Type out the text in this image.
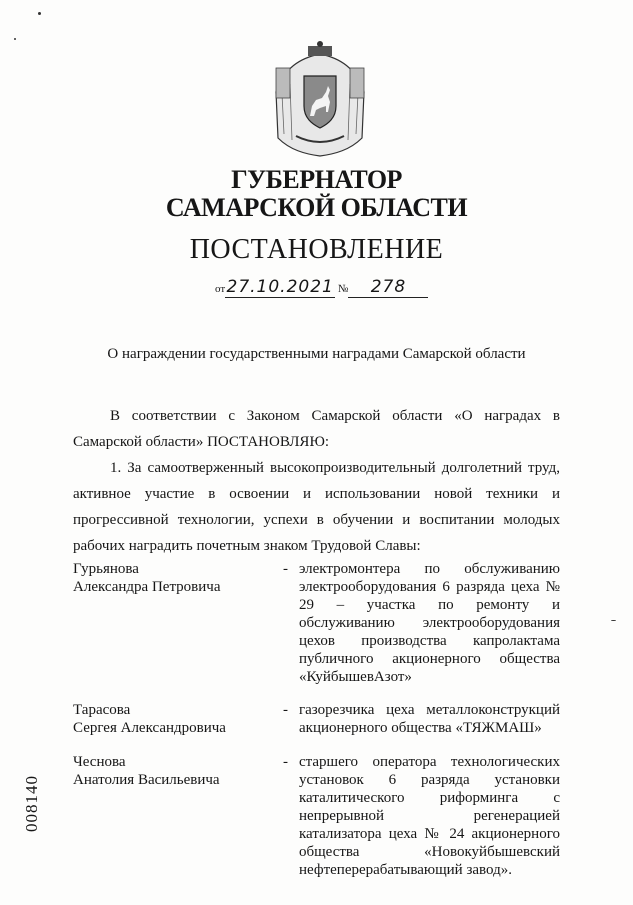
ГУБЕРНАТОР
САМАРСКОЙ ОБЛАСТИ
ПОСТАНОВЛЕНИЕ
от27.10.2021 № 278
О награждении государственными наградами Самарской области
В соответствии с Законом Самарской области «О наградах в Самарской области» ПОСТАНОВЛЯЮ:
1. За самоотверженный высокопроизводительный долголетний труд, активное участие в освоении и использовании новой техники и прогрессивной технологии, успехи в обучении и воспитании молодых рабочих наградить почетным знаком Трудовой Славы:
Гурьянова
Александра Петровича
- электромонтера по обслуживанию электрооборудования 6 разряда цеха № 29 – участка по ремонту и обслуживанию электрооборудования цехов производства капролактама публичного акционерного общества «КуйбышевАзот»
Тарасова
Сергея Александровича
- газорезчика цеха металлоконструкций акционерного общества «ТЯЖМАШ»
Чеснова
Анатолия Васильевича
- старшего оператора технологических установок 6 разряда установки каталитического риформинга с непрерывной регенерацией катализатора цеха № 24 акционерного общества «Новокуйбышевский нефтеперерабатывающий завод».
008140
